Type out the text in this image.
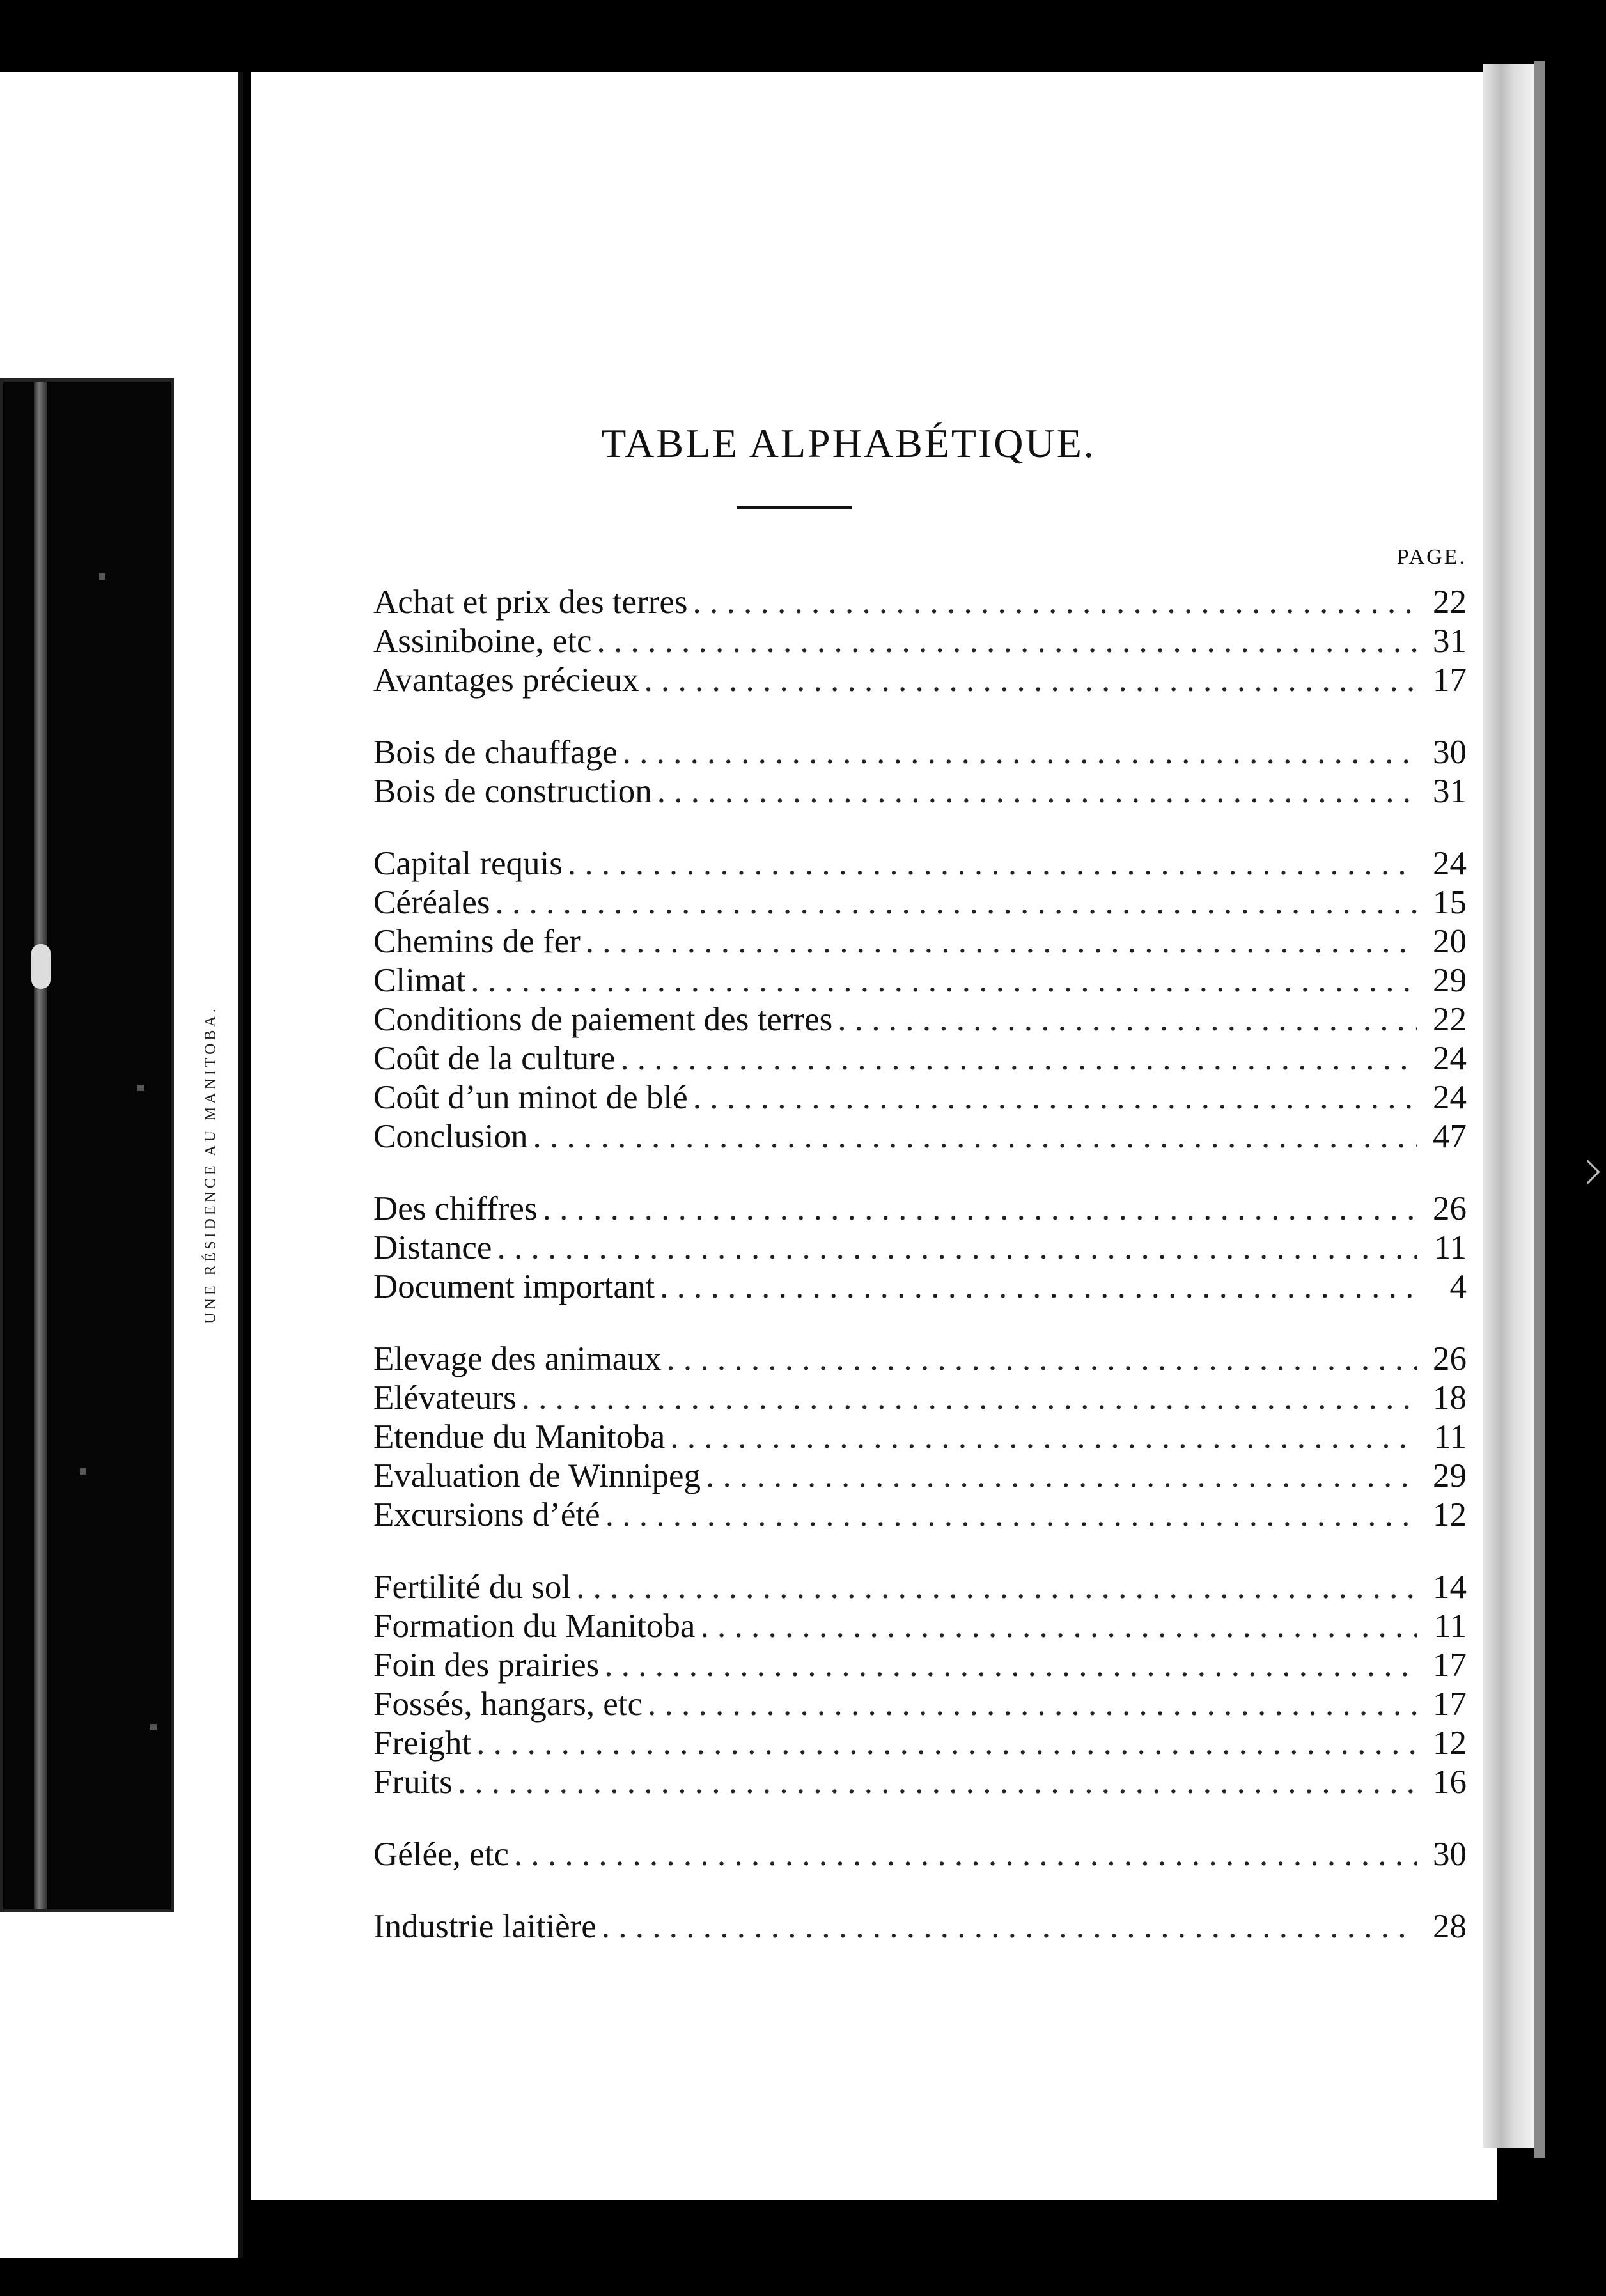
UNE RÉSIDENCE AU MANITOBA.
TABLE ALPHABÉTIQUE.
PAGE.
Achat et prix des terres . . .	22
Assiniboine, etc . . .	31
Avantages précieux . . .	17
Bois de chauffage . . .	30
Bois de construction . . .	31
Capital requis . . .	24
Céréales . . .	15
Chemins de fer . . .	20
Climat . . .	29
Conditions de paiement des terres . . .	22
Coût de la culture . . .	24
Coût d’un minot de blé . . .	24
Conclusion . . .	47
Des chiffres . . .	26
Distance . . .	11
Document important . . .	4
Elevage des animaux . . .	26
Elévateurs . . .	18
Etendue du Manitoba . . .	11
Evaluation de Winnipeg . . .	29
Excursions d’été . . .	12
Fertilité du sol . . .	14
Formation du Manitoba . . .	11
Foin des prairies . . .	17
Fossés, hangars, etc . . .	17
Freight . . .	12
Fruits . . .	16
Gélée, etc . . .	30
Industrie laitière . . .	28
